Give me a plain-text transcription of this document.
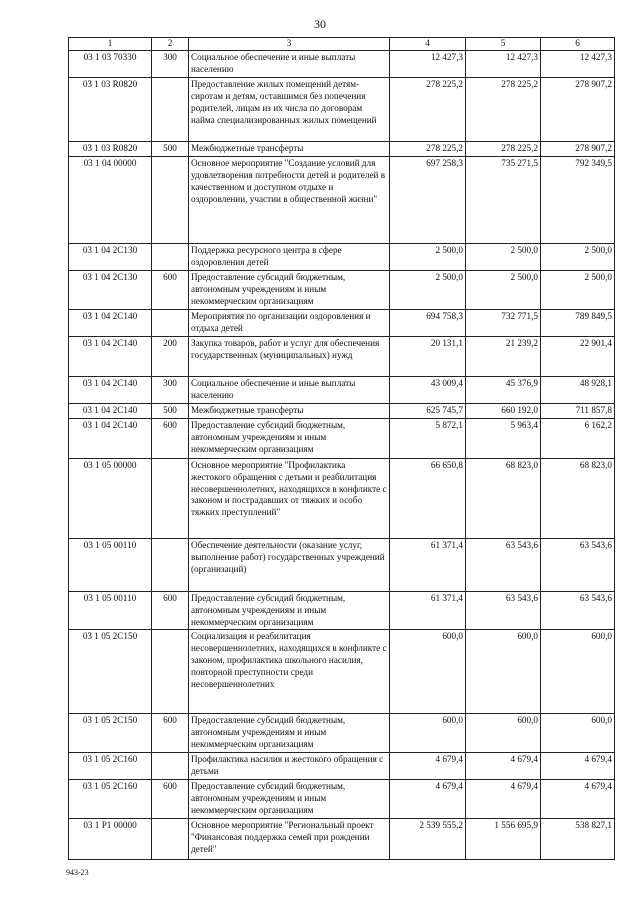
30
1	2	3	4	5	6
03 1 03 70330	300	Социальное обеспечение и иные выплаты населению	12 427,3	12 427,3	12 427,3
03 1 03 R0820		Предоставление жилых помещений детям-сиротам и детям, оставшимся без попечения родителей, лицам из их числа по договорам найма специализированных жилых помещений	278 225,2	278 225,2	278 907,2
03 1 03 R0820	500	Межбюджетные трансферты	278 225,2	278 225,2	278 907,2
03 1 04 00000		Основное мероприятие "Создание условий для удовлетворения потребности детей и родителей в качественном и доступном отдыхе и оздоровлении, участии в общественной жизни"	697 258,3	735 271,5	792 349,5
03 1 04 2C130		Поддержка ресурсного центра в сфере оздоровления детей	2 500,0	2 500,0	2 500,0
03 1 04 2C130	600	Предоставление субсидий бюджетным, автономным учреждениям и иным некоммерческим организациям	2 500,0	2 500,0	2 500,0
03 1 04 2C140		Мероприятия по организации оздоровления и отдыха детей	694 758,3	732 771,5	789 849,5
03 1 04 2C140	200	Закупка товаров, работ и услуг для обеспечения государственных (муниципальных) нужд	20 131,1	21 239,2	22 901,4
03 1 04 2C140	300	Социальное обеспечение и иные выплаты населению	43 009,4	45 376,9	48 928,1
03 1 04 2C140	500	Межбюджетные трансферты	625 745,7	660 192,0	711 857,8
03 1 04 2C140	600	Предоставление субсидий бюджетным, автономным учреждениям и иным некоммерческим организациям	5 872,1	5 963,4	6 162,2
03 1 05 00000		Основное мероприятие "Профилактика жестокого обращения с детьми и реабилитация несовершеннолетних, находящихся в конфликте с законом и пострадавших от тяжких и особо тяжких преступлений"	66 650,8	68 823,0	68 823,0
03 1 05 00110		Обеспечение деятельности (оказание услуг, выполнение работ) государственных учреждений (организаций)	61 371,4	63 543,6	63 543,6
03 1 05 00110	600	Предоставление субсидий бюджетным, автономным учреждениям и иным некоммерческим организациям	61 371,4	63 543,6	63 543,6
03 1 05 2C150		Социализация и реабилитация несовершеннолетних, находящихся в конфликте с законом, профилактика школьного насилия, повторной преступности среди несовершеннолетних	600,0	600,0	600,0
03 1 05 2C150	600	Предоставление субсидий бюджетным, автономным учреждениям и иным некоммерческим организациям	600,0	600,0	600,0
03 1 05 2C160		Профилактика насилия и жестокого обращения с детьми	4 679,4	4 679,4	4 679,4
03 1 05 2C160	600	Предоставление субсидий бюджетным, автономным учреждениям и иным некоммерческим организациям	4 679,4	4 679,4	4 679,4
03 1 P1 00000		Основное мероприятие "Региональный проект "Финансовая поддержка семей при рождении детей"	2 539 555,2	1 556 695,9	538 827,1
943-23
